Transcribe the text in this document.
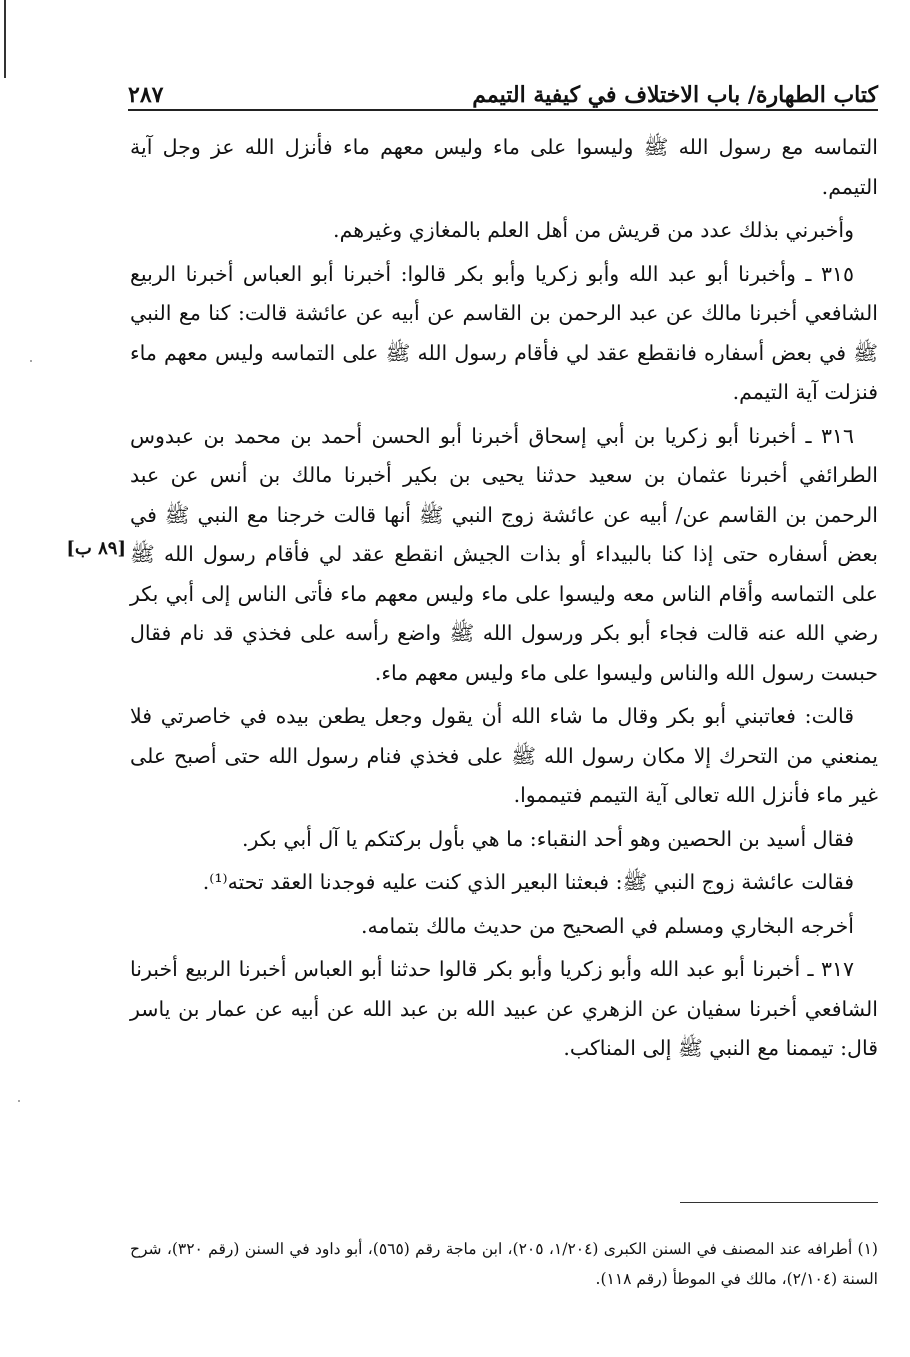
كتاب الطهارة/ باب الاختلاف في كيفية التيمم
٢٨٧
[٨٩ ب]

التماسه مع رسول الله ﷺ وليسوا على ماء وليس معهم ماء فأنزل الله عز وجل آية التيمم.

وأخبرني بذلك عدد من قريش من أهل العلم بالمغازي وغيرهم.

٣١٥ ـ وأخبرنا أبو عبد الله وأبو زكريا وأبو بكر قالوا: أخبرنا أبو العباس أخبرنا الربيع الشافعي أخبرنا مالك عن عبد الرحمن بن القاسم عن أبيه عن عائشة قالت: كنا مع النبي ﷺ في بعض أسفاره فانقطع عقد لي فأقام رسول الله ﷺ على التماسه وليس معهم ماء فنزلت آية التيمم.

٣١٦ ـ أخبرنا أبو زكريا بن أبي إسحاق أخبرنا أبو الحسن أحمد بن محمد بن عبدوس الطرائفي أخبرنا عثمان بن سعيد حدثنا يحيى بن بكير أخبرنا مالك بن أنس عن عبد الرحمن بن القاسم عن/ أبيه عن عائشة زوج النبي ﷺ أنها قالت خرجنا مع النبي ﷺ في بعض أسفاره حتى إذا كنا بالبيداء أو بذات الجيش انقطع عقد لي فأقام رسول الله ﷺ على التماسه وأقام الناس معه وليسوا على ماء وليس معهم ماء فأتى الناس إلى أبي بكر رضي الله عنه قالت فجاء أبو بكر ورسول الله ﷺ واضع رأسه على فخذي قد نام فقال حبست رسول الله والناس وليسوا على ماء وليس معهم ماء.

قالت: فعاتبني أبو بكر وقال ما شاء الله أن يقول وجعل يطعن بيده في خاصرتي فلا يمنعني من التحرك إلا مكان رسول الله ﷺ على فخذي فنام رسول الله حتى أصبح على غير ماء فأنزل الله تعالى آية التيمم فتيمموا.

فقال أسيد بن الحصين وهو أحد النقباء: ما هي بأول بركتكم يا آل أبي بكر.

فقالت عائشة زوج النبي ﷺ: فبعثنا البعير الذي كنت عليه فوجدنا العقد تحته⁽¹⁾.

أخرجه البخاري ومسلم في الصحيح من حديث مالك بتمامه.

٣١٧ ـ أخبرنا أبو عبد الله وأبو زكريا وأبو بكر قالوا حدثنا أبو العباس أخبرنا الربيع أخبرنا الشافعي أخبرنا سفيان عن الزهري عن عبيد الله بن عبد الله عن أبيه عن عمار بن ياسر قال: تيممنا مع النبي ﷺ إلى المناكب.

(١) أطرافه عند المصنف في السنن الكبرى (١/٢٠٤، ٢٠٥)، ابن ماجة رقم (٥٦٥)، أبو داود في السنن (رقم ٣٢٠)، شرح السنة (٢/١٠٤)، مالك في الموطأ (رقم ١١٨).
